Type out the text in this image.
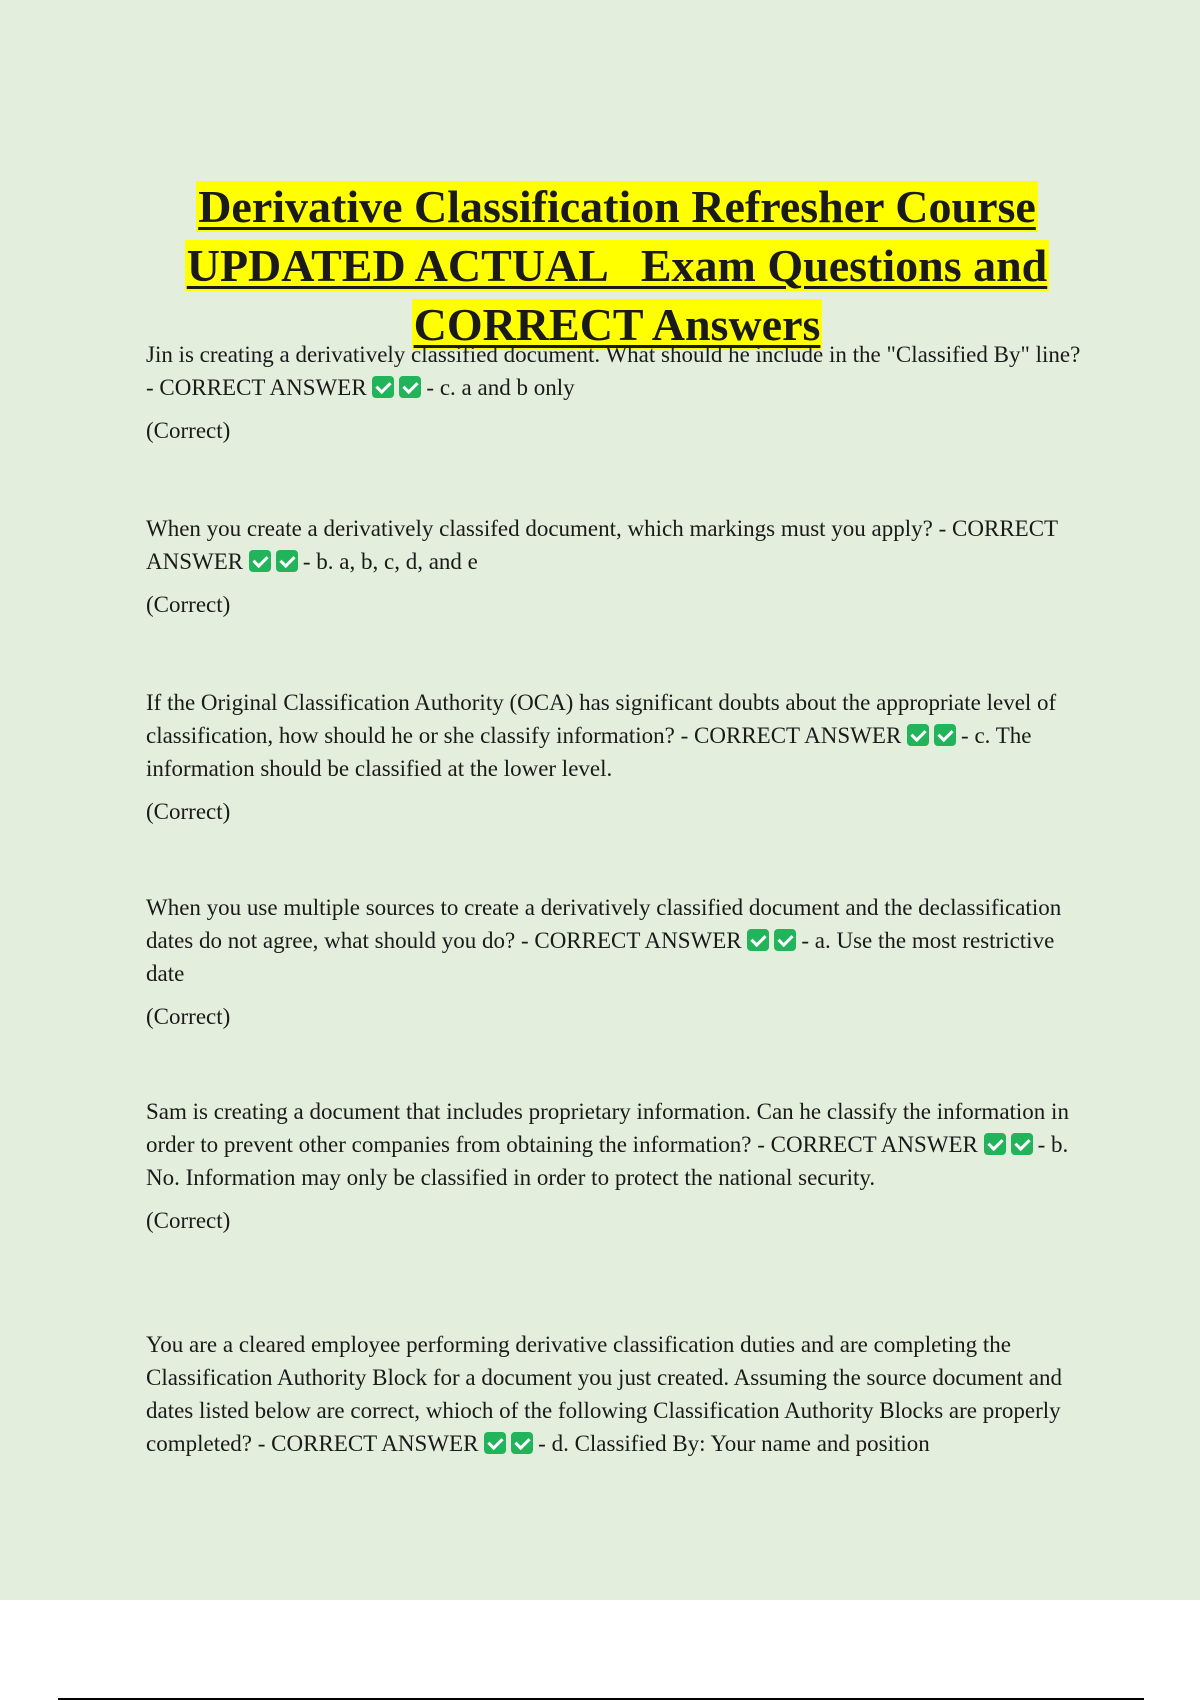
Derivative Classification Refresher Course
UPDATED ACTUAL   Exam Questions and
CORRECT Answers

Jin is creating a derivatively classified document. What should he include in the "Classified By" line? - CORRECT ANSWER	- c. a and b only

(Correct)

When you create a derivatively classifed document, which markings must you apply? - CORRECT ANSWER	- b. a, b, c, d, and e

(Correct)

If the Original Classification Authority (OCA) has significant doubts about the appropriate level of classification, how should he or she classify information? - CORRECT ANSWER	- c. The information should be classified at the lower level.

(Correct)

When you use multiple sources to create a derivatively classified document and the declassification dates do not agree, what should you do? - CORRECT ANSWER	- a. Use the most restrictive date

(Correct)

Sam is creating a document that includes proprietary information. Can he classify the information in order to prevent other companies from obtaining the information? - CORRECT ANSWER	- b. No. Information may only be classified in order to protect the national security.

(Correct)

You are a cleared employee performing derivative classification duties and are completing the Classification Authority Block for a document you just created. Assuming the source document and dates listed below are correct, whioch of the following Classification Authority Blocks are properly completed? - CORRECT ANSWER	- d. Classified By: Your name and position
